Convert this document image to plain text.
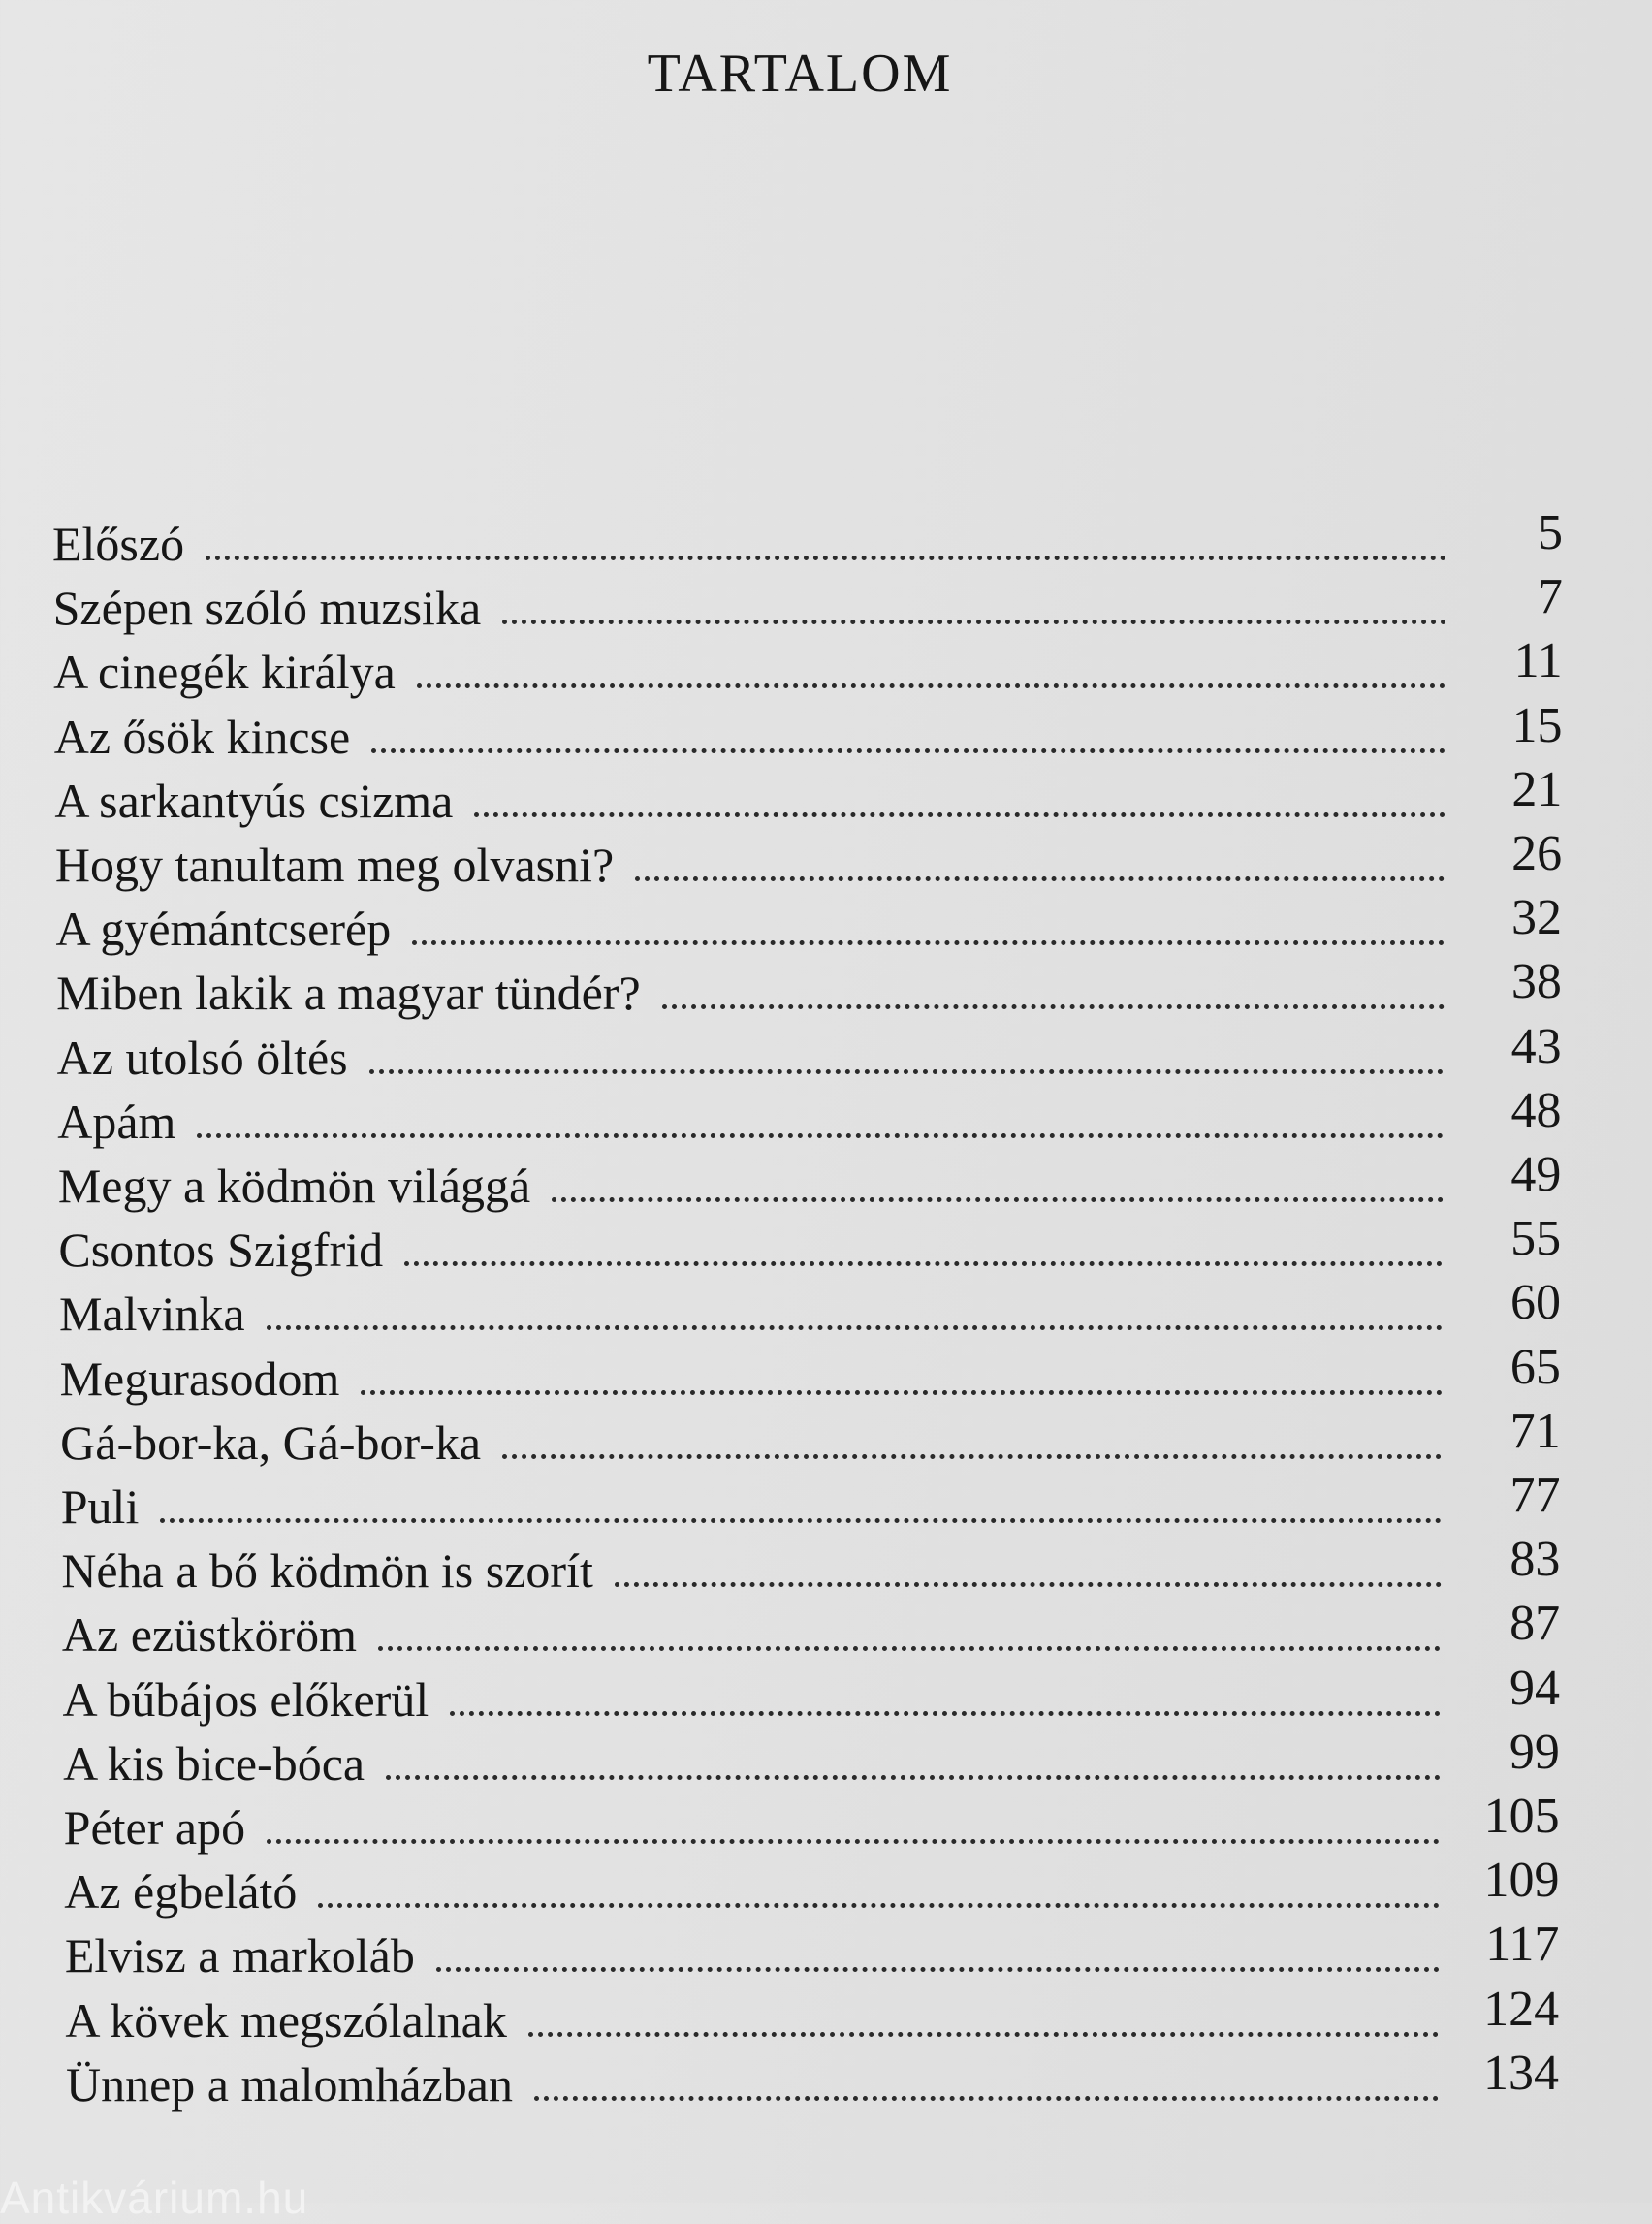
TARTALOM
Előszó	5
Szépen szóló muzsika	7
A cinegék királya	11
Az ősök kincse	15
A sarkantyús csizma	21
Hogy tanultam meg olvasni?	26
A gyémántcserép	32
Miben lakik a magyar tündér?	38
Az utolsó öltés	43
Apám	48
Megy a ködmön világgá	49
Csontos Szigfrid	55
Malvinka	60
Megurasodom	65
Gá-bor-ka, Gá-bor-ka	71
Puli	77
Néha a bő ködmön is szorít	83
Az ezüstköröm	87
A bűbájos előkerül	94
A kis bice-bóca	99
Péter apó	105
Az égbelátó	109
Elvisz a markoláb	117
A kövek megszólalnak	124
Ünnep a malomházban	134
Antikvárium.hu
